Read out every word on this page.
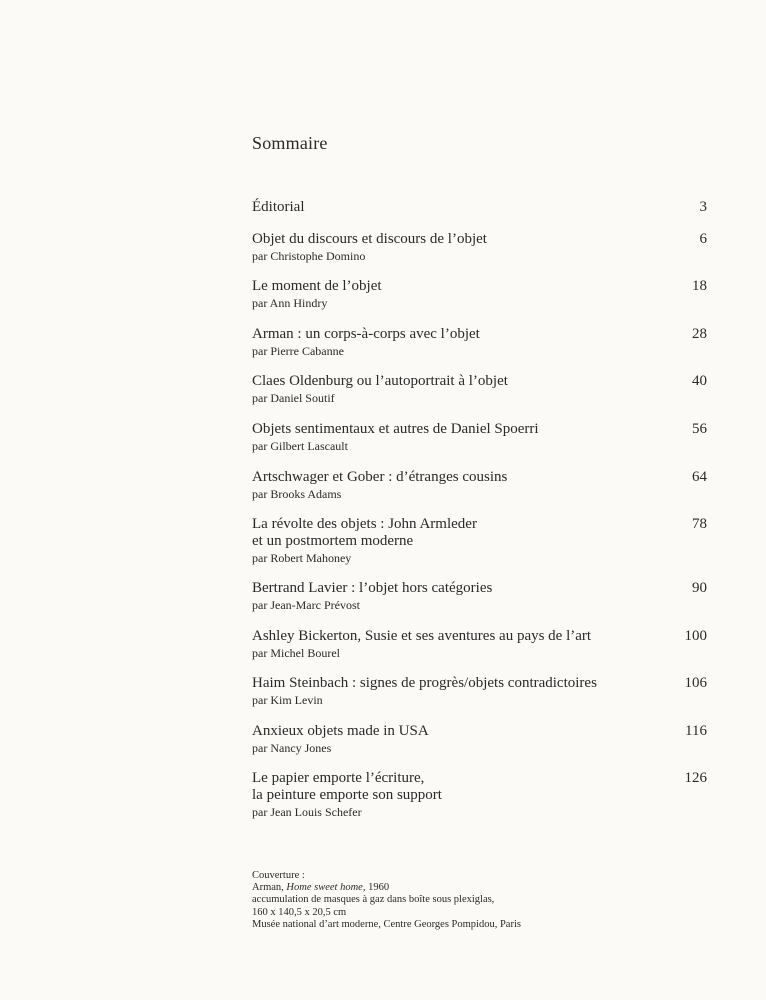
Sommaire
Éditorial	3
Objet du discours et discours de l’objet
par Christophe Domino
6
Le moment de l’objet
par Ann Hindry
18
Arman : un corps-à-corps avec l’objet
par Pierre Cabanne
28
Claes Oldenburg ou l’autoportrait à l’objet
par Daniel Soutif
40
Objets sentimentaux et autres de Daniel Spoerri
par Gilbert Lascault
56
Artschwager et Gober : d’étranges cousins
par Brooks Adams
64
La révolte des objets : John Armleder
et un postmortem moderne
par Robert Mahoney
78
Bertrand Lavier : l’objet hors catégories
par Jean-Marc Prévost
90
Ashley Bickerton, Susie et ses aventures au pays de l’art
par Michel Bourel
100
Haim Steinbach : signes de progrès/objets contradictoires
par Kim Levin
106
Anxieux objets made in USA
par Nancy Jones
116
Le papier emporte l’écriture,
la peinture emporte son support
par Jean Louis Schefer
126
Couverture :
Arman, Home sweet home, 1960
accumulation de masques à gaz dans boîte sous plexiglas,
160 x 140,5 x 20,5 cm
Musée national d’art moderne, Centre Georges Pompidou, Paris
